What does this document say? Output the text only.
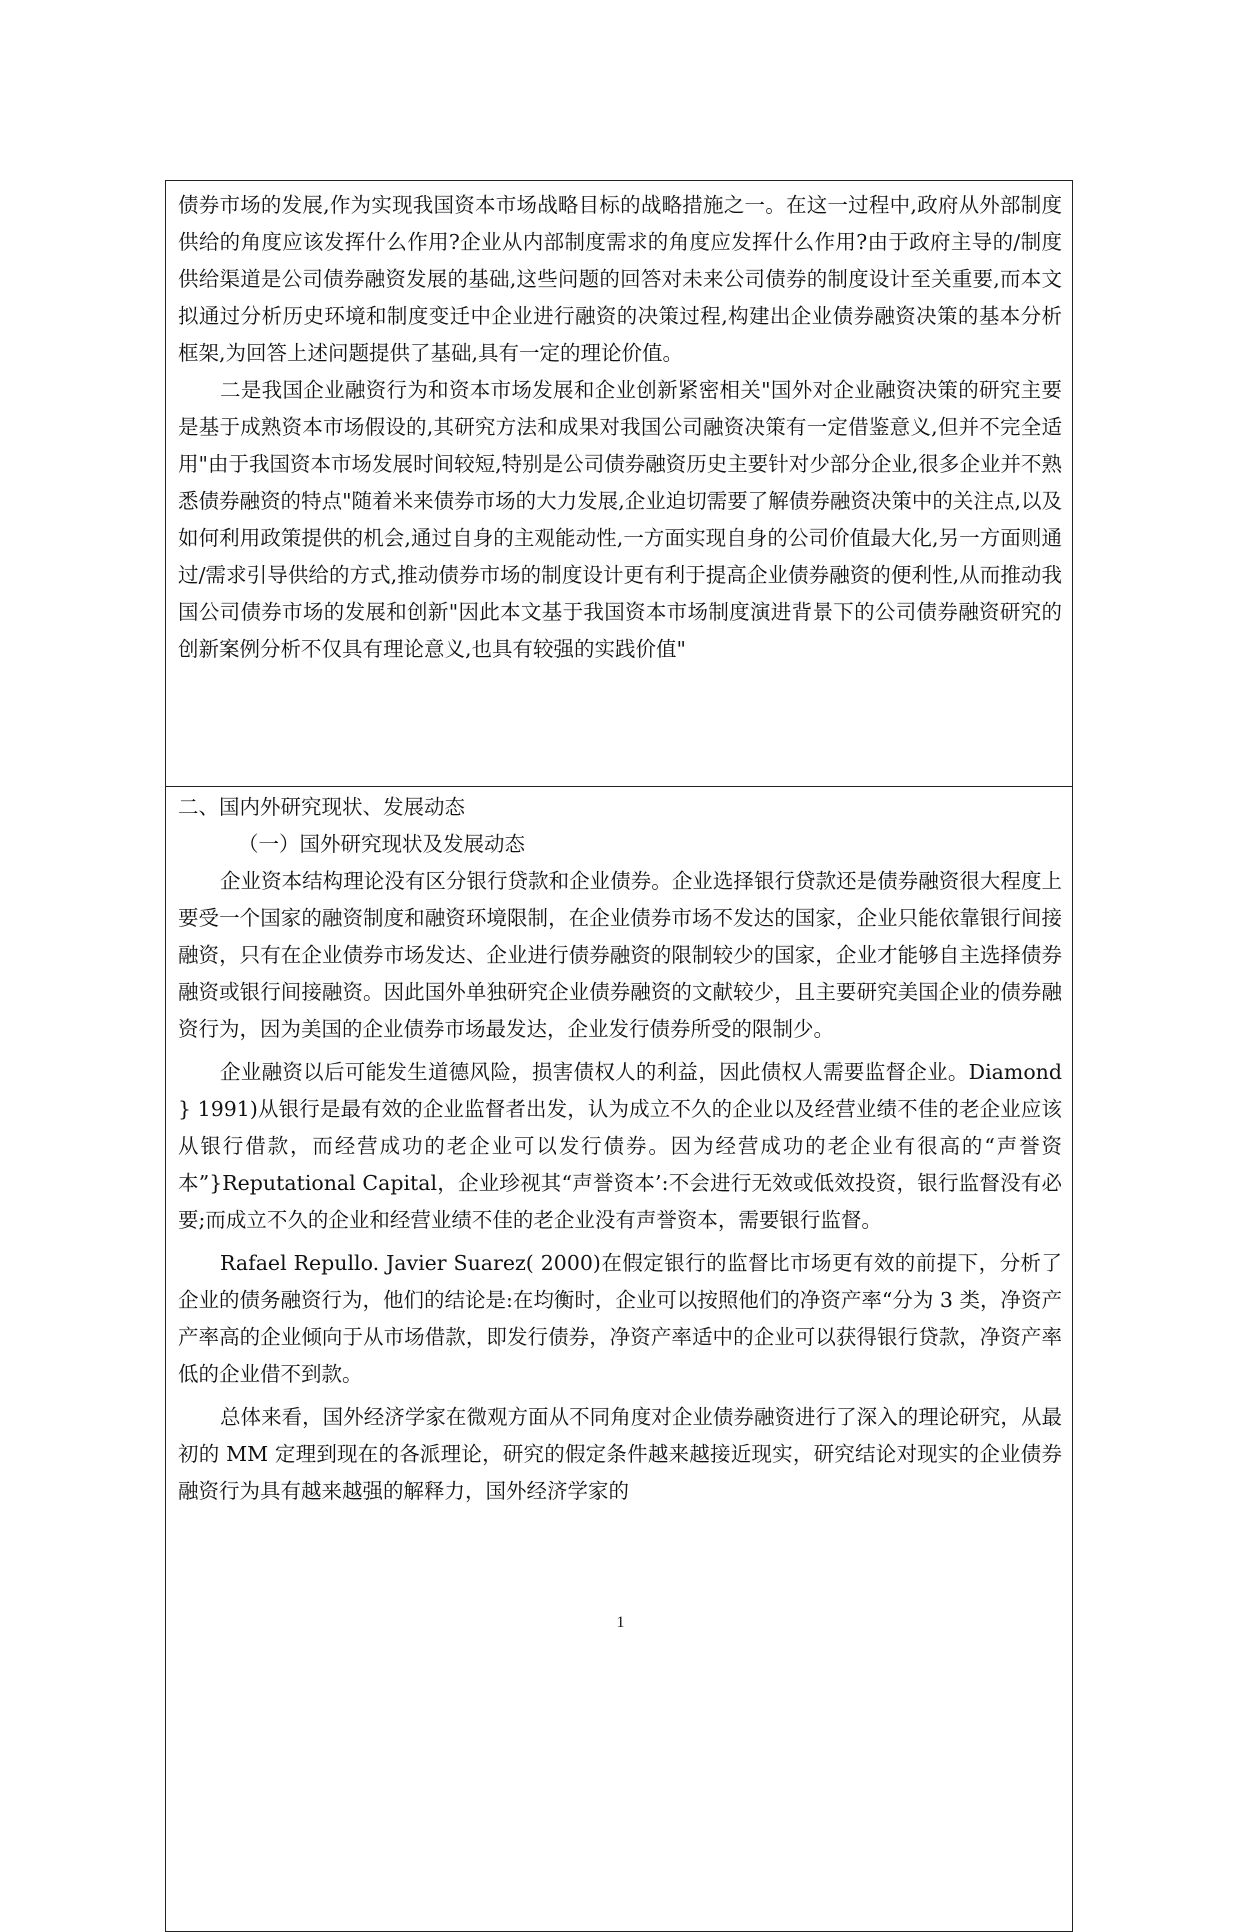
债券市场的发展,作为实现我国资本市场战略目标的战略措施之一。在这一过程中,政府从外部制度供给的角度应该发挥什么作用?企业从内部制度需求的角度应发挥什么作用?由于政府主导的/制度供给渠道是公司债券融资发展的基础,这些问题的回答对未来公司债券的制度设计至关重要,而本文拟通过分析历史环境和制度变迁中企业进行融资的决策过程,构建出企业债券融资决策的基本分析框架,为回答上述问题提供了基础,具有一定的理论价值。

二是我国企业融资行为和资本市场发展和企业创新紧密相关"国外对企业融资决策的研究主要是基于成熟资本市场假设的,其研究方法和成果对我国公司融资决策有一定借鉴意义,但并不完全适用"由于我国资本市场发展时间较短,特别是公司债券融资历史主要针对少部分企业,很多企业并不熟悉债券融资的特点"随着米来债券市场的大力发展,企业迫切需要了解债券融资决策中的关注点,以及如何利用政策提供的机会,通过自身的主观能动性,一方面实现自身的公司价值最大化,另一方面则通过/需求引导供给的方式,推动债券市场的制度设计更有利于提高企业债券融资的便利性,从而推动我国公司债券市场的发展和创新"因此本文基于我国资本市场制度演进背景下的公司债券融资研究的创新案例分析不仅具有理论意义,也具有较强的实践价值"

二、国内外研究现状、发展动态

（一）国外研究现状及发展动态

企业资本结构理论没有区分银行贷款和企业债券。企业选择银行贷款还是债券融资很大程度上要受一个国家的融资制度和融资环境限制，在企业债券市场不发达的国家，企业只能依靠银行间接融资，只有在企业债券市场发达、企业进行债券融资的限制较少的国家，企业才能够自主选择债券融资或银行间接融资。因此国外单独研究企业债券融资的文献较少，且主要研究美国企业的债券融资行为，因为美国的企业债券市场最发达，企业发行债券所受的限制少。

企业融资以后可能发生道德风险，损害债权人的利益，因此债权人需要监督企业。Diamond } 1991)从银行是最有效的企业监督者出发，认为成立不久的企业以及经营业绩不佳的老企业应该从银行借款，而经营成功的老企业可以发行债券。因为经营成功的老企业有很高的“声誉资本”}Reputational Capital，企业珍视其“声誉资本’:不会进行无效或低效投资，银行监督没有必要;而成立不久的企业和经营业绩不佳的老企业没有声誉资本，需要银行监督。

Rafael Repullo. Javier Suarez( 2000)在假定银行的监督比市场更有效的前提下，分析了企业的债务融资行为，他们的结论是:在均衡时，企业可以按照他们的净资产率“分为 3 类，净资产产率高的企业倾向于从市场借款，即发行债券，净资产率适中的企业可以获得银行贷款，净资产率低的企业借不到款。

总体来看，国外经济学家在微观方面从不同角度对企业债券融资进行了深入的理论研究，从最初的 MM 定理到现在的各派理论，研究的假定条件越来越接近现实，研究结论对现实的企业债券融资行为具有越来越强的解释力，国外经济学家的

1
